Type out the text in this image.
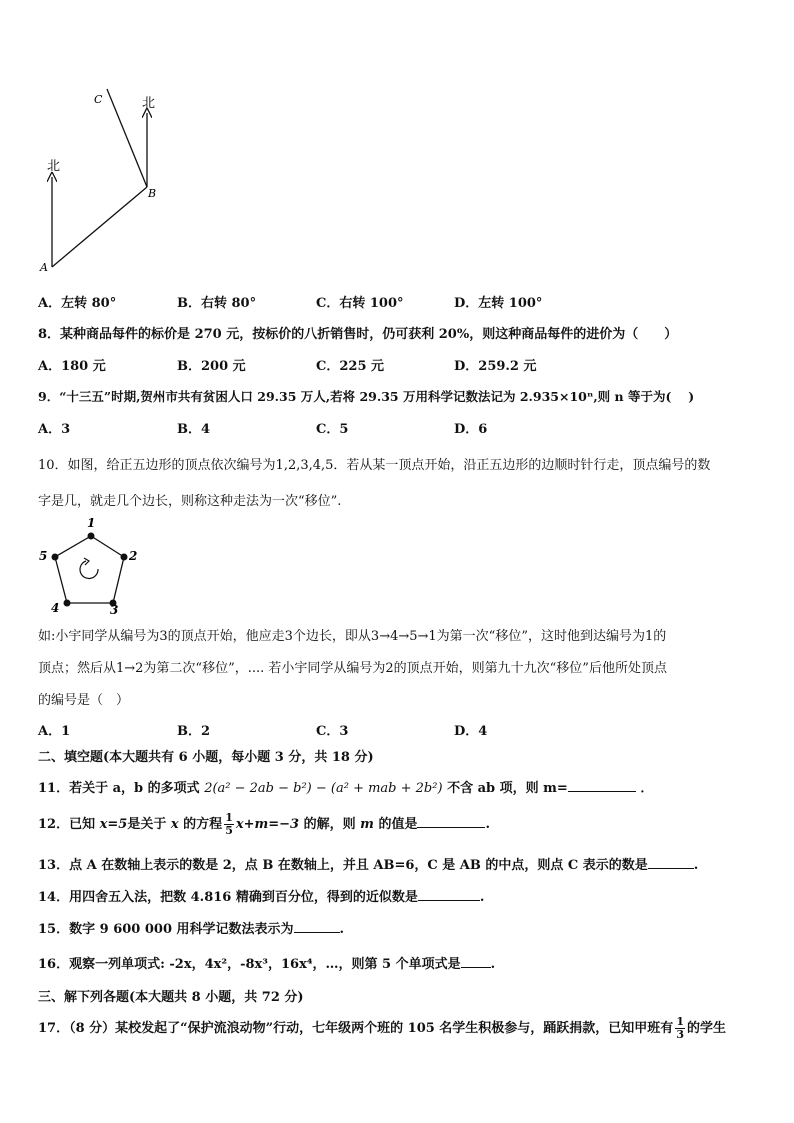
北
北
A
B
C
A．左转 80°	B．右转 80°	C．右转 100°	D．左转 100°
8．某种商品每件的标价是 270 元，按标价的八折销售时，仍可获利 20%，则这种商品每件的进价为（　　）
A．180 元	B．200 元	C．225 元	D．259.2 元
9．“十三五”时期,贺州市共有贫困人口 29.35 万人,若将 29.35 万用科学记数法记为 2.935×10ⁿ,则 n 等于为(　 )
A．3	B．4	C．5	D．6
10．如图，给正五边形的顶点依次编号为1,2,3,4,5．若从某一顶点开始，沿正五边形的边顺时针行走，顶点编号的数
字是几，就走几个边长，则称这种走法为一次“移位”.
1
2
3
4
5
如:小宇同学从编号为3的顶点开始，他应走3个边长，即从3→4→5→1为第一次“移位”，这时他到达编号为1的
顶点；然后从1→2为第二次“移位”，.... 若小宇同学从编号为2的顶点开始，则第九十九次“移位”后他所处顶点
的编号是（　）
A．1	B．2	C．3	D．4
二、填空题(本大题共有 6 小题，每小题 3 分，共 18 分)
11．若关于 a，b 的多项式 2(a² − 2ab − b²) − (a² + mab + 2b²) 不含 ab 项，则 m=	．
12．已知 x=5是关于 x 的方程 $\frac{1}{5} x+m=-3$ 的解，则 m 的值是	.
13．点 A 在数轴上表示的数是 2，点 B 在数轴上，并且 AB=6，C 是 AB 的中点，则点 C 表示的数是	.
14．用四舍五入法，把数 4.816 精确到百分位，得到的近似数是	.
15．数字 9 600 000 用科学记数法表示为	.
16．观察一列单项式: -2x，4x²，-8x³，16x⁴，…，则第 5 个单项式是 .
三、解下列各题(本大题共 8 小题，共 72 分)
17．（8 分）某校发起了“保护流浪动物”行动，七年级两个班的 105 名学生积极参与，踊跃捐款，已知甲班有 $\frac{1}{3}$ 的学生
